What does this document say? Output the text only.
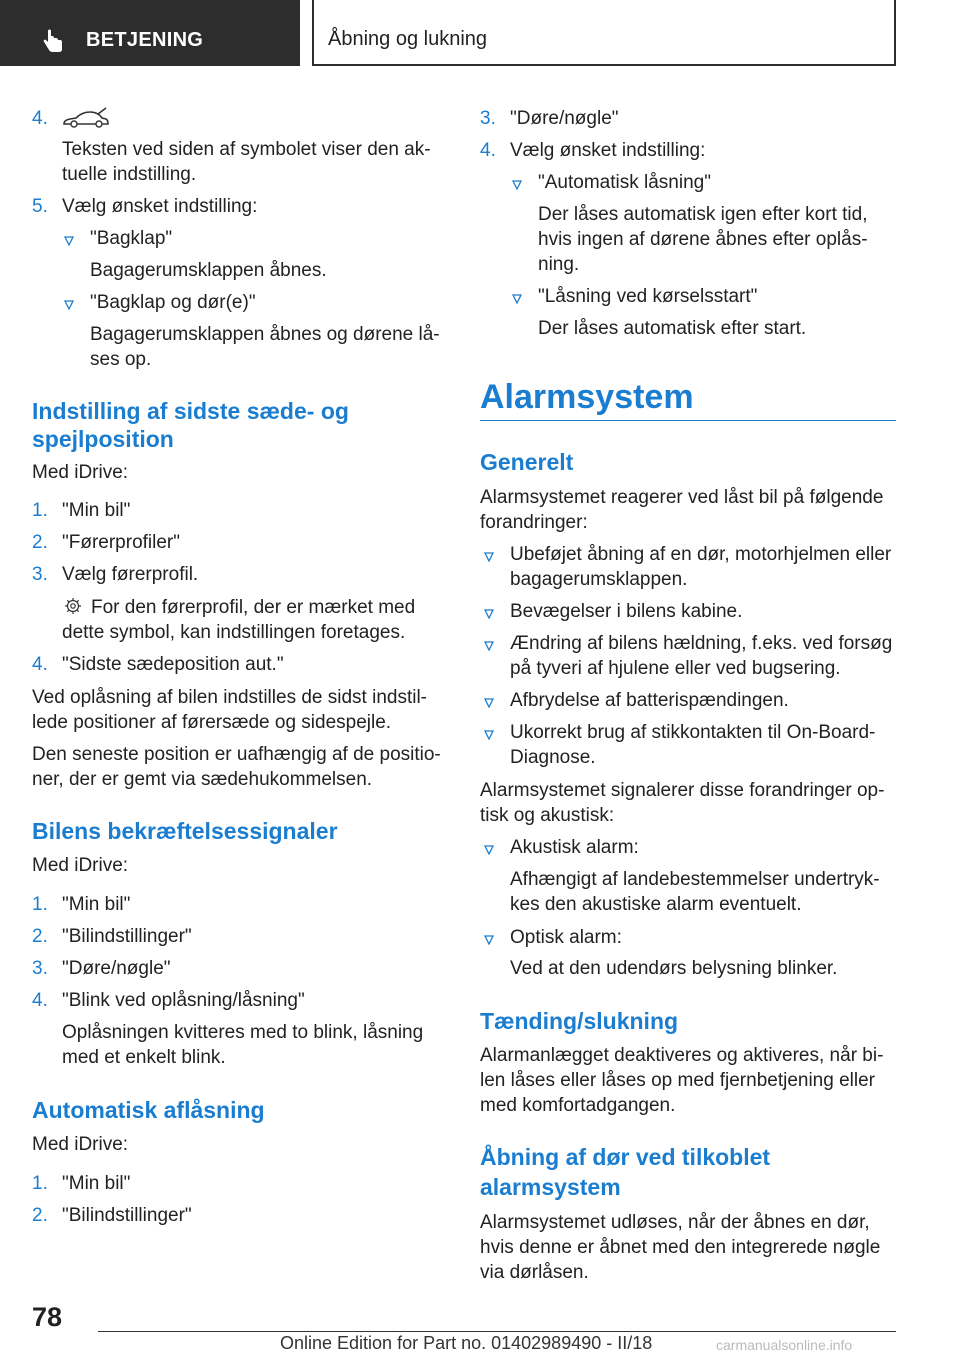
BETJENING	Åbning og lukning
4.
Teksten ved siden af symbolet viser den ak-
tuelle indstilling.
5. Vælg ønsket indstilling:
"Bagklap"
Bagagerumsklappen åbnes.
"Bagklap og dør(e)"
Bagagerumsklappen åbnes og dørene lå-
ses op.
Indstilling af sidste sæde- og
spejlposition
Med iDrive:
1. "Min bil"
2. "Førerprofiler"
3. Vælg førerprofil.
For den førerprofil, der er mærket med
dette symbol, kan indstillingen foretages.
4. "Sidste sædeposition aut."
Ved oplåsning af bilen indstilles de sidst indstil-
lede positioner af førersæde og sidespejle.
Den seneste position er uafhængig af de positio-
ner, der er gemt via sædehukommelsen.
Bilens bekræftelsessignaler
Med iDrive:
1. "Min bil"
2. "Bilindstillinger"
3. "Døre/nøgle"
4. "Blink ved oplåsning/låsning"
Oplåsningen kvitteres med to blink, låsning
med et enkelt blink.
Automatisk aflåsning
Med iDrive:
1. "Min bil"
2. "Bilindstillinger"
3. "Døre/nøgle"
4. Vælg ønsket indstilling:
"Automatisk låsning"
Der låses automatisk igen efter kort tid,
hvis ingen af dørene åbnes efter oplås-
ning.
"Låsning ved kørselsstart"
Der låses automatisk efter start.
Alarmsystem
Generelt
Alarmsystemet reagerer ved låst bil på følgende
forandringer:
Ubeføjet åbning af en dør, motorhjelmen eller
bagagerumsklappen.
Bevægelser i bilens kabine.
Ændring af bilens hældning, f.eks. ved forsøg
på tyveri af hjulene eller ved bugsering.
Afbrydelse af batterispændingen.
Ukorrekt brug af stikkontakten til On-Board-
Diagnose.
Alarmsystemet signalerer disse forandringer op-
tisk og akustisk:
Akustisk alarm:
Afhængigt af landebestemmelser undertryk-
kes den akustiske alarm eventuelt.
Optisk alarm:
Ved at den udendørs belysning blinker.
Tænding/slukning
Alarmanlægget deaktiveres og aktiveres, når bi-
len låses eller låses op med fjernbetjening eller
med komfortadgangen.
Åbning af dør ved tilkoblet
alarmsystem
Alarmsystemet udløses, når der åbnes en dør,
hvis denne er åbnet med den integrerede nøgle
via dørlåsen.
78
Online Edition for Part no. 01402989490 - II/18	carmanualsonline.info
